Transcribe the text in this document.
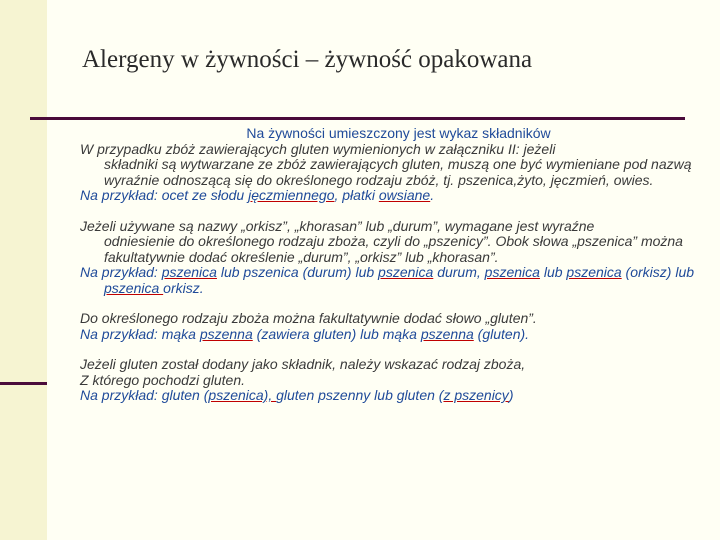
Alergeny w żywności – żywność opakowana

Na żywności umieszczony jest wykaz składników

W przypadku zbóż zawierających gluten wymienionych w załączniku II: jeżeli

składniki są wytwarzane ze zbóż zawierających gluten, muszą one być wymieniane pod nazwą wyraźnie odnoszącą się do określonego rodzaju zbóż, tj. pszenica,żyto, jęczmień, owies.

Na przykład: ocet ze słodu jęczmiennego, płatki owsiane.

Jeżeli używane są nazwy „orkisz”, „khorasan” lub „durum”, wymagane jest wyraźne

odniesienie do określonego rodzaju zboża, czyli do „pszenicy”. Obok słowa „pszenica” można fakultatywnie dodać określenie „durum”, „orkisz” lub „khorasan”.

Na przykład: pszenica lub pszenica (durum) lub pszenica durum, pszenica lub pszenica (orkisz) lub pszenica orkisz.

Do określonego rodzaju zboża można fakultatywnie dodać słowo „gluten”.

Na przykład: mąka pszenna (zawiera gluten) lub mąka pszenna (gluten).

Jeżeli gluten został dodany jako składnik, należy wskazać rodzaj zboża,

Z którego pochodzi gluten.

Na przykład: gluten (pszenica), gluten pszenny lub gluten (z pszenicy)
